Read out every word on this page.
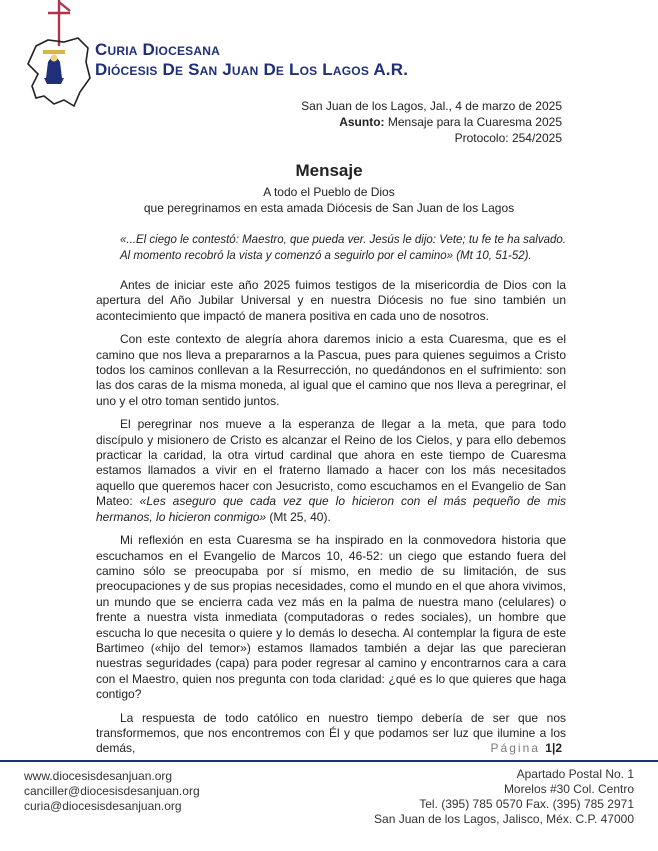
Curia Diocesana
Diócesis De San Juan De Los Lagos A.R.
San Juan de los Lagos, Jal., 4 de marzo de 2025
Asunto: Mensaje para la Cuaresma 2025
Protocolo: 254/2025
Mensaje
A todo el Pueblo de Dios
que peregrinamos en esta amada Diócesis de San Juan de los Lagos
«...El ciego le contestó: Maestro, que pueda ver. Jesús le dijo: Vete; tu fe te ha salvado. Al momento recobró la vista y comenzó a seguirlo por el camino» (Mt 10, 51-52).

Antes de iniciar este año 2025 fuimos testigos de la misericordia de Dios con la apertura del Año Jubilar Universal y en nuestra Diócesis no fue sino también un acontecimiento que impactó de manera positiva en cada uno de nosotros.

Con este contexto de alegría ahora daremos inicio a esta Cuaresma, que es el camino que nos lleva a prepararnos a la Pascua, pues para quienes seguimos a Cristo todos los caminos conllevan a la Resurrección, no quedándonos en el sufrimiento: son las dos caras de la misma moneda, al igual que el camino que nos lleva a peregrinar, el uno y el otro toman sentido juntos.

El peregrinar nos mueve a la esperanza de llegar a la meta, que para todo discípulo y misionero de Cristo es alcanzar el Reino de los Cielos, y para ello debemos practicar la caridad, la otra virtud cardinal que ahora en este tiempo de Cuaresma estamos llamados a vivir en el fraterno llamado a hacer con los más necesitados aquello que queremos hacer con Jesucristo, como escuchamos en el Evangelio de San Mateo: «Les aseguro que cada vez que lo hicieron con el más pequeño de mis hermanos, lo hicieron conmigo» (Mt 25, 40).

Mi reflexión en esta Cuaresma se ha inspirado en la conmovedora historia que escuchamos en el Evangelio de Marcos 10, 46-52: un ciego que estando fuera del camino sólo se preocupaba por sí mismo, en medio de su limitación, de sus preocupaciones y de sus propias necesidades, como el mundo en el que ahora vivimos, un mundo que se encierra cada vez más en la palma de nuestra mano (celulares) o frente a nuestra vista inmediata (computadoras o redes sociales), un hombre que escucha lo que necesita o quiere y lo demás lo desecha. Al contemplar la figura de este Bartimeo («hijo del temor») estamos llamados también a dejar las que parecieran nuestras seguridades (capa) para poder regresar al camino y encontrarnos cara a cara con el Maestro, quien nos pregunta con toda claridad: ¿qué es lo que quieres que haga contigo?

La respuesta de todo católico en nuestro tiempo debería de ser que nos transformemos, que nos encontremos con Él y que podamos ser luz que ilumine a los demás,	Página 1|2
www.diocesisdesanjuan.org
canciller@diocesisdesanjuan.org
curia@diocesisdesanjuan.org
Apartado Postal No. 1
Morelos #30 Col. Centro
Tel. (395) 785 0570 Fax. (395) 785 2971
San Juan de los Lagos, Jalisco, Méx. C.P. 47000
